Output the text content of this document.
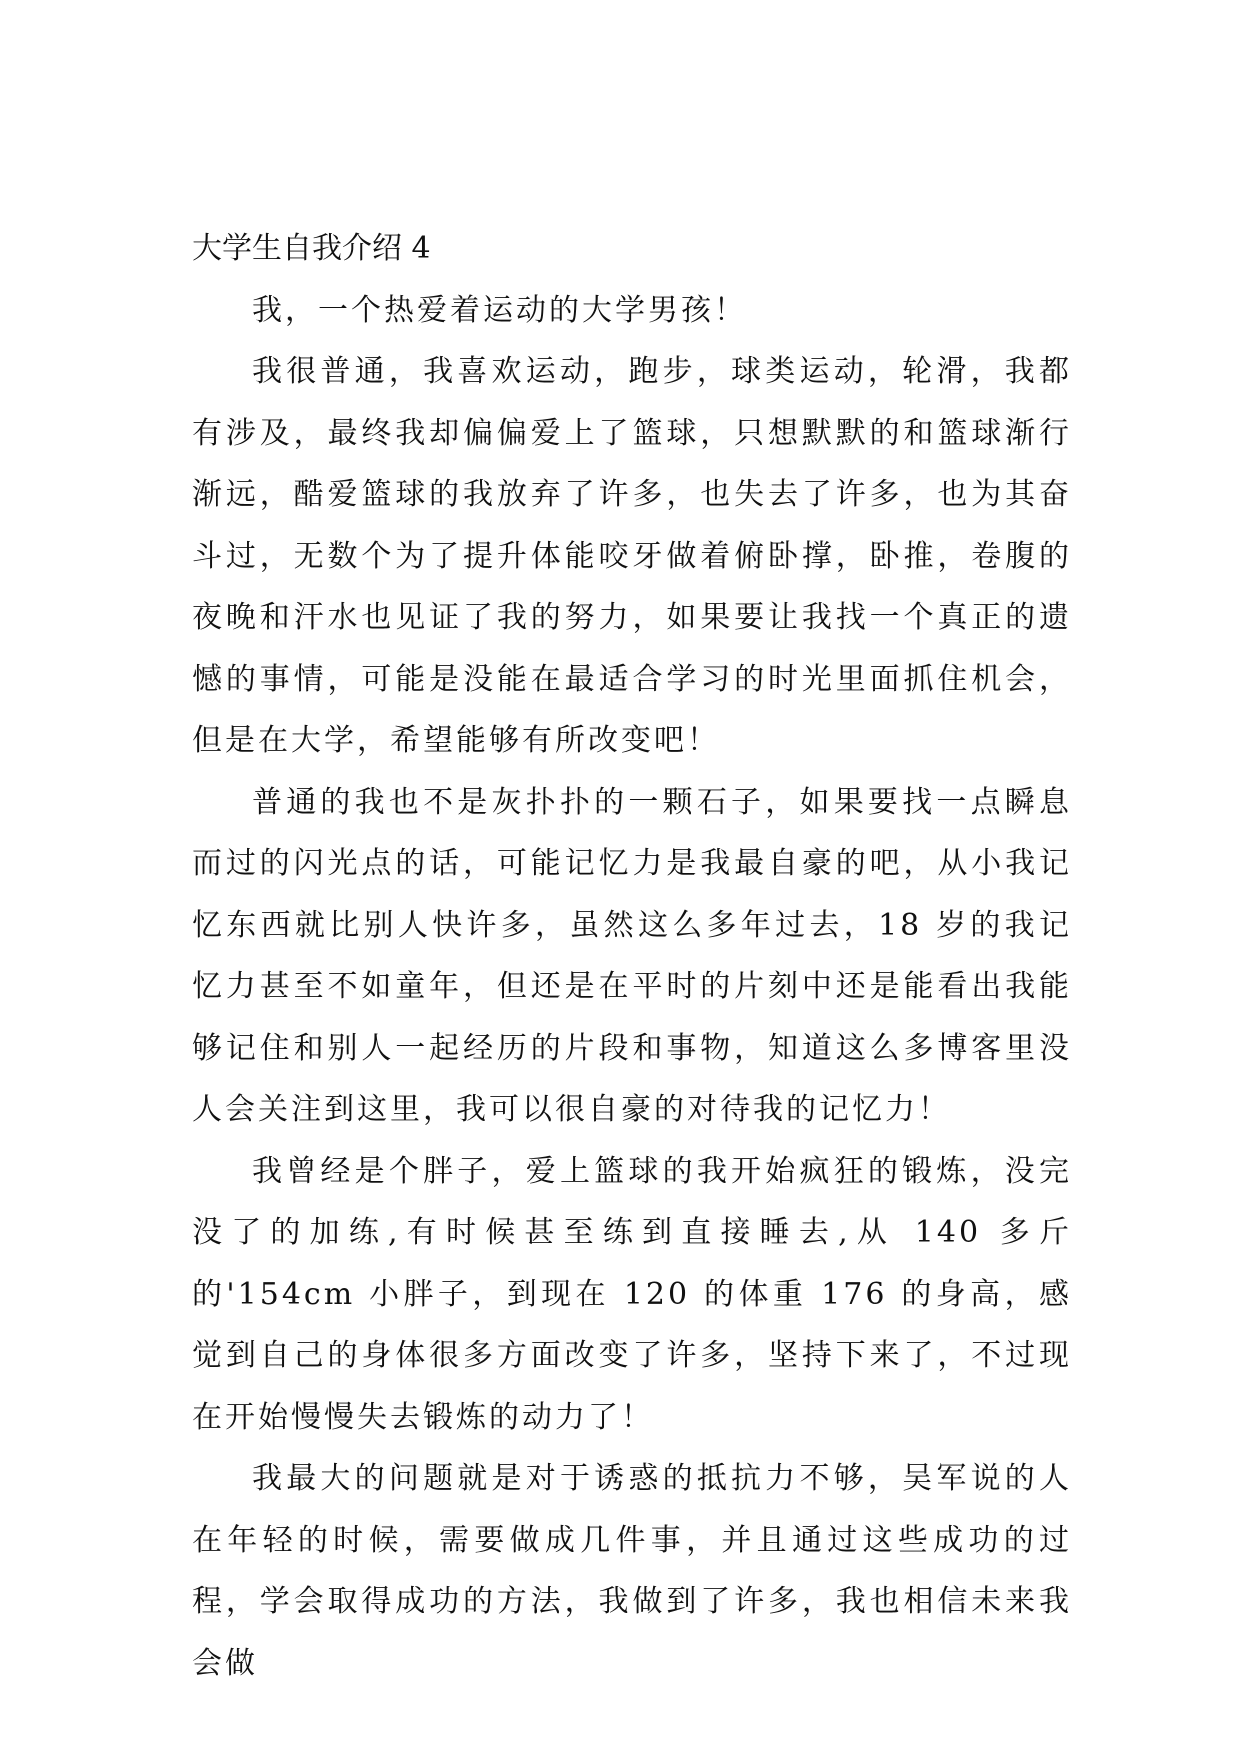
大学生自我介绍 4

我，一个热爱着运动的大学男孩！

我很普通，我喜欢运动，跑步，球类运动，轮滑，我都有涉及，最终我却偏偏爱上了篮球，只想默默的和篮球渐行渐远，酷爱篮球的我放弃了许多，也失去了许多，也为其奋斗过，无数个为了提升体能咬牙做着俯卧撑，卧推，卷腹的夜晚和汗水也见证了我的努力，如果要让我找一个真正的遗憾的事情，可能是没能在最适合学习的时光里面抓住机会，但是在大学，希望能够有所改变吧！

普通的我也不是灰扑扑的一颗石子，如果要找一点瞬息而过的闪光点的话，可能记忆力是我最自豪的吧，从小我记忆东西就比别人快许多，虽然这么多年过去，18 岁的我记忆力甚至不如童年，但还是在平时的片刻中还是能看出我能够记住和别人一起经历的片段和事物，知道这么多博客里没人会关注到这里，我可以很自豪的对待我的记忆力！

我曾经是个胖子，爱上篮球的我开始疯狂的锻炼，没完没了的加练,有时候甚至练到直接睡去,从 140 多斤的'154cm 小胖子，到现在 120 的体重 176 的身高，感觉到自己的身体很多方面改变了许多，坚持下来了，不过现在开始慢慢失去锻炼的动力了！

我最大的问题就是对于诱惑的抵抗力不够，吴军说的人在年轻的时候，需要做成几件事，并且通过这些成功的过程，学会取得成功的方法，我做到了许多，我也相信未来我会做
